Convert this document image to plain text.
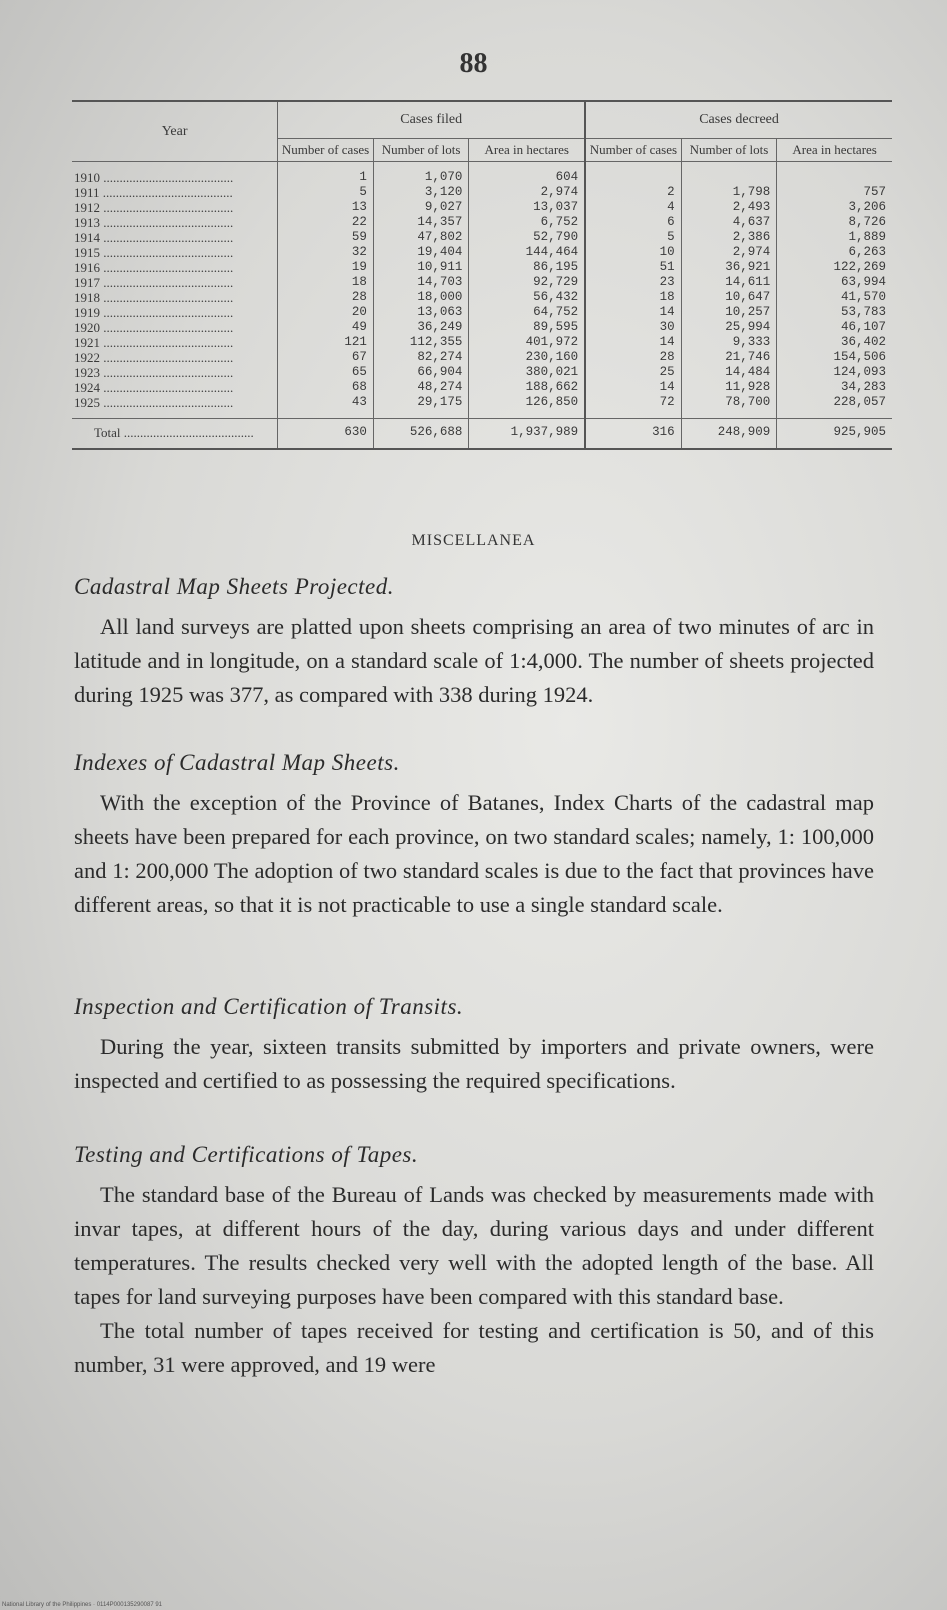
88
Year	Cases filed			Cases decreed		
	Number of cases	Number of lots	Area in hectares	Number of cases	Number of lots	Area in hectares
1910 ........................................	1	1,070	604			
1911 ........................................	5	3,120	2,974	2	1,798	757
1912 ........................................	13	9,027	13,037	4	2,493	3,206
1913 ........................................	22	14,357	6,752	6	4,637	8,726
1914 ........................................	59	47,802	52,790	5	2,386	1,889
1915 ........................................	32	19,404	144,464	10	2,974	6,263
1916 ........................................	19	10,911	86,195	51	36,921	122,269
1917 ........................................	18	14,703	92,729	23	14,611	63,994
1918 ........................................	28	18,000	56,432	18	10,647	41,570
1919 ........................................	20	13,063	64,752	14	10,257	53,783
1920 ........................................	49	36,249	89,595	30	25,994	46,107
1921 ........................................	121	112,355	401,972	14	9,333	36,402
1922 ........................................	67	82,274	230,160	28	21,746	154,506
1923 ........................................	65	66,904	380,021	25	14,484	124,093
1924 ........................................	68	48,274	188,662	14	11,928	34,283
1925 ........................................	43	29,175	126,850	72	78,700	228,057
Total ........................................	630	526,688	1,937,989	316	248,909	925,905
MISCELLANEA
Cadastral Map Sheets Projected.

All land surveys are platted upon sheets comprising an area of two minutes of arc in latitude and in longitude, on a standard scale of 1:4,000. The number of sheets projected during 1925 was 377, as compared with 338 during 1924.

Indexes of Cadastral Map Sheets.

With the exception of the Province of Batanes, Index Charts of the cadastral map sheets have been prepared for each province, on two standard scales; namely, 1: 100,000 and 1: 200,000 The adoption of two standard scales is due to the fact that provinces have different areas, so that it is not practicable to use a single standard scale.

Inspection and Certification of Transits.

During the year, sixteen transits submitted by importers and private owners, were inspected and certified to as possessing the required specifications.

Testing and Certifications of Tapes.

The standard base of the Bureau of Lands was checked by measurements made with invar tapes, at different hours of the day, during various days and under different temperatures. The results checked very well with the adopted length of the base. All tapes for land surveying purposes have been compared with this standard base.

The total number of tapes received for testing and certification is 50, and of this number, 31 were approved, and 19 were

National Library of the Philippines · 0114P000135290087 91
